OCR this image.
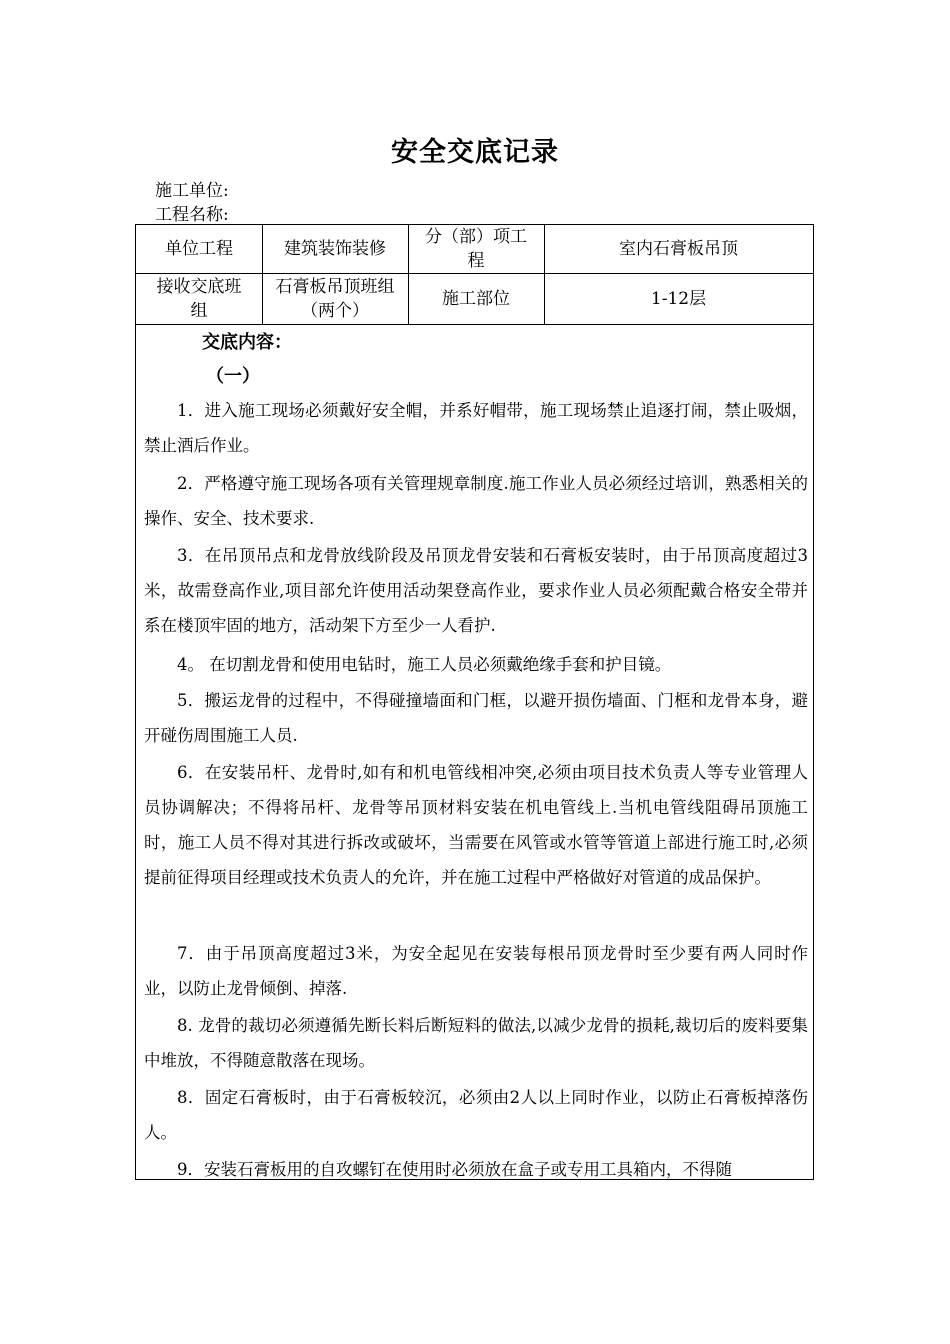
安全交底记录
施工单位:
工程名称:
单位工程	建筑装饰装修
分（部）项工程
室内石膏板吊顶
接收交底班组
石膏板吊顶班组（两个）
施工部位	1-12层
交底内容：
（一）

1．进入施工现场必须戴好安全帽，并系好帽带，施工现场禁止追逐打闹，禁止吸烟，禁止酒后作业。

2．严格遵守施工现场各项有关管理规章制度.施工作业人员必须经过培训，熟悉相关的操作、安全、技术要求.

3．在吊顶吊点和龙骨放线阶段及吊顶龙骨安装和石膏板安装时，由于吊顶高度超过3米，故需登高作业,项目部允许使用活动架登高作业，要求作业人员必须配戴合格安全带并系在楼顶牢固的地方，活动架下方至少一人看护.

4。 在切割龙骨和使用电钻时，施工人员必须戴绝缘手套和护目镜。

5．搬运龙骨的过程中，不得碰撞墙面和门框，以避开损伤墙面、门框和龙骨本身，避开碰伤周围施工人员.

6．在安装吊杆、龙骨时,如有和机电管线相冲突,必须由项目技术负责人等专业管理人员协调解决；不得将吊杆、龙骨等吊顶材料安装在机电管线上.当机电管线阻碍吊顶施工时，施工人员不得对其进行拆改或破坏，当需要在风管或水管等管道上部进行施工时,必须提前征得项目经理或技术负责人的允许，并在施工过程中严格做好对管道的成品保护。

7．由于吊顶高度超过3米，为安全起见在安装每根吊顶龙骨时至少要有两人同时作业，以防止龙骨倾倒、掉落.

8. 龙骨的裁切必须遵循先断长料后断短料的做法,以减少龙骨的损耗,裁切后的废料要集中堆放，不得随意散落在现场。

8．固定石膏板时，由于石膏板较沉，必须由2人以上同时作业，以防止石膏板掉落伤人。

9．安装石膏板用的自攻螺钉在使用时必须放在盒子或专用工具箱内，不得随
